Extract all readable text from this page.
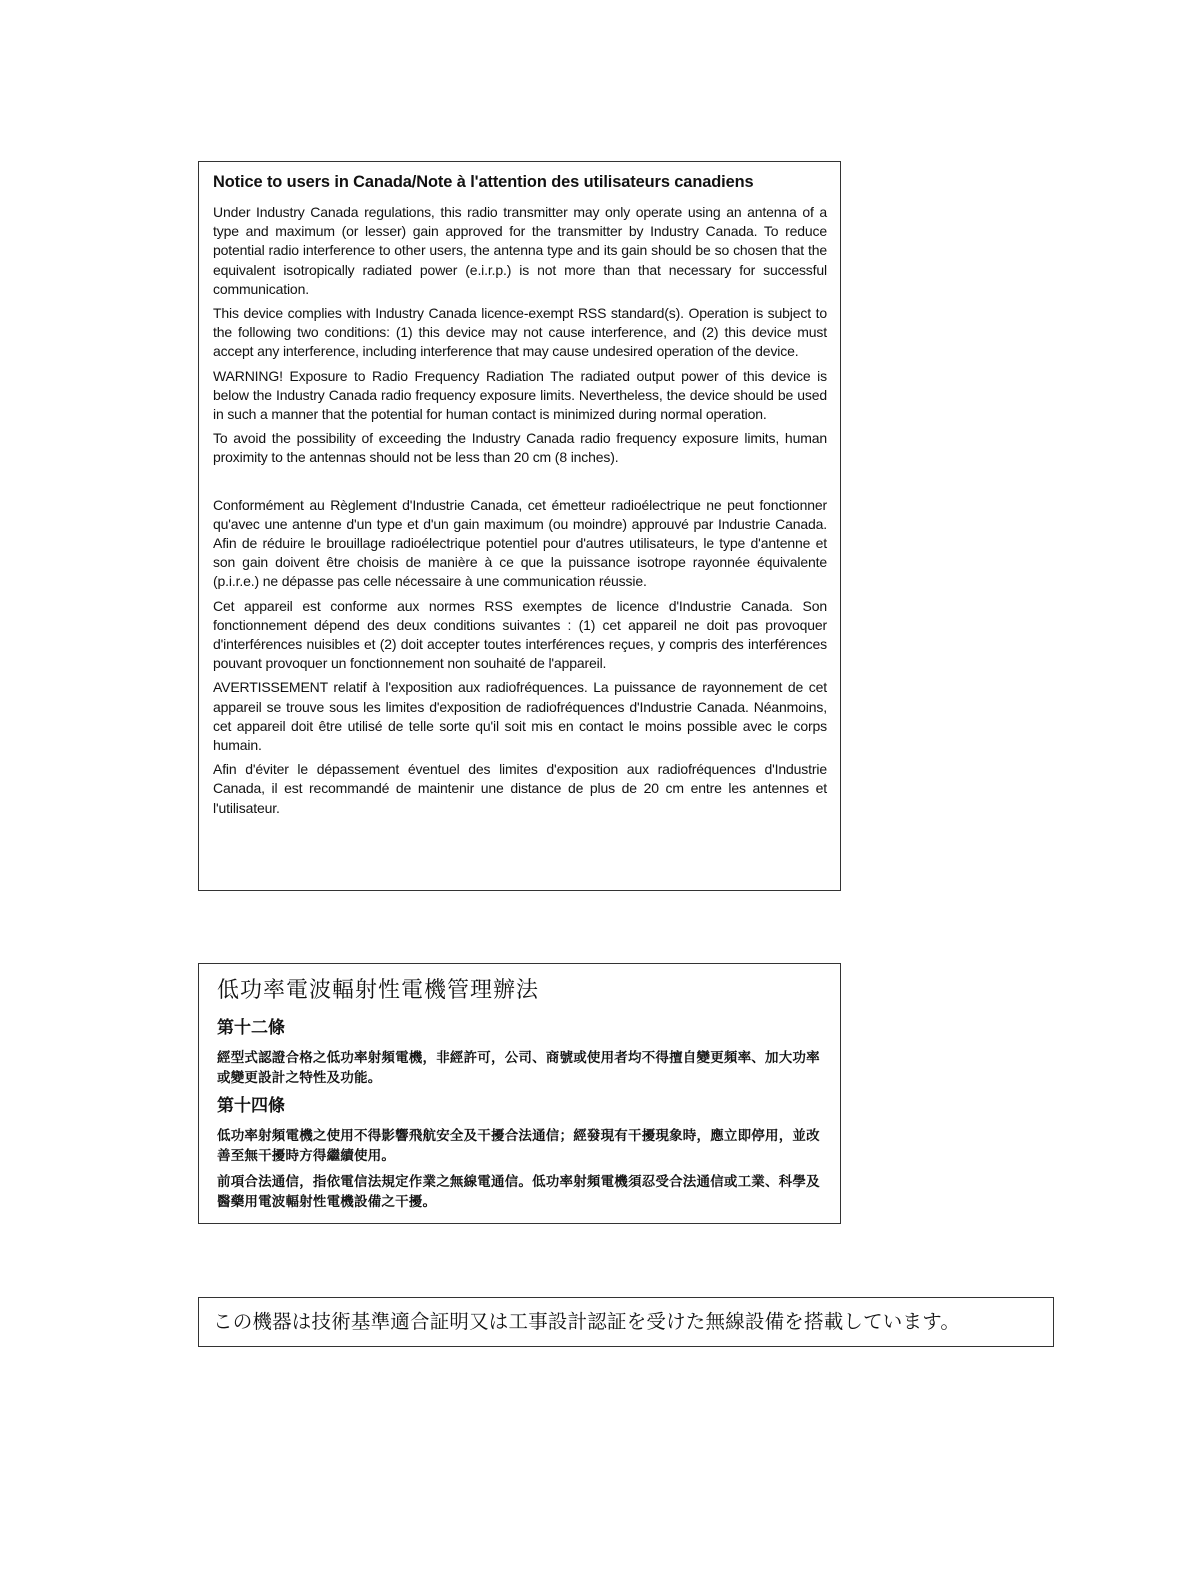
Notice to users in Canada/Note à l'attention des utilisateurs canadiens

Under Industry Canada regulations, this radio transmitter may only operate using an antenna of a type and maximum (or lesser) gain approved for the transmitter by Industry Canada. To reduce potential radio interference to other users, the antenna type and its gain should be so chosen that the equivalent isotropically radiated power (e.i.r.p.) is not more than that necessary for successful communication.

This device complies with Industry Canada licence-exempt RSS standard(s). Operation is subject to the following two conditions: (1) this device may not cause interference, and (2) this device must accept any interference, including interference that may cause undesired operation of the device.

WARNING! Exposure to Radio Frequency Radiation The radiated output power of this device is below the Industry Canada radio frequency exposure limits. Nevertheless, the device should be used in such a manner that the potential for human contact is minimized during normal operation.

To avoid the possibility of exceeding the Industry Canada radio frequency exposure limits, human proximity to the antennas should not be less than 20 cm (8 inches).

Conformément au Règlement d'Industrie Canada, cet émetteur radioélectrique ne peut fonctionner qu'avec une antenne d'un type et d'un gain maximum (ou moindre) approuvé par Industrie Canada. Afin de réduire le brouillage radioélectrique potentiel pour d'autres utilisateurs, le type d'antenne et son gain doivent être choisis de manière à ce que la puissance isotrope rayonnée équivalente (p.i.r.e.) ne dépasse pas celle nécessaire à une communication réussie.

Cet appareil est conforme aux normes RSS exemptes de licence d'Industrie Canada. Son fonctionnement dépend des deux conditions suivantes : (1) cet appareil ne doit pas provoquer d'interférences nuisibles et (2) doit accepter toutes interférences reçues, y compris des interférences pouvant provoquer un fonctionnement non souhaité de l'appareil.

AVERTISSEMENT relatif à l'exposition aux radiofréquences. La puissance de rayonnement de cet appareil se trouve sous les limites d'exposition de radiofréquences d'Industrie Canada. Néanmoins, cet appareil doit être utilisé de telle sorte qu'il soit mis en contact le moins possible avec le corps humain.

Afin d'éviter le dépassement éventuel des limites d'exposition aux radiofréquences d'Industrie Canada, il est recommandé de maintenir une distance de plus de 20 cm entre les antennes et l'utilisateur.

低功率電波輻射性電機管理辦法
第十二條

經型式認證合格之低功率射頻電機，非經許可，公司、商號或使用者均不得擅自變更頻率、加大功率或變更設計之特性及功能。

第十四條

低功率射頻電機之使用不得影響飛航安全及干擾合法通信；經發現有干擾現象時，應立即停用，並改善至無干擾時方得繼續使用。

前項合法通信，指依電信法規定作業之無線電通信。低功率射頻電機須忍受合法通信或工業、科學及醫藥用電波輻射性電機設備之干擾。

この機器は技術基準適合証明又は工事設計認証を受けた無線設備を搭載しています。
